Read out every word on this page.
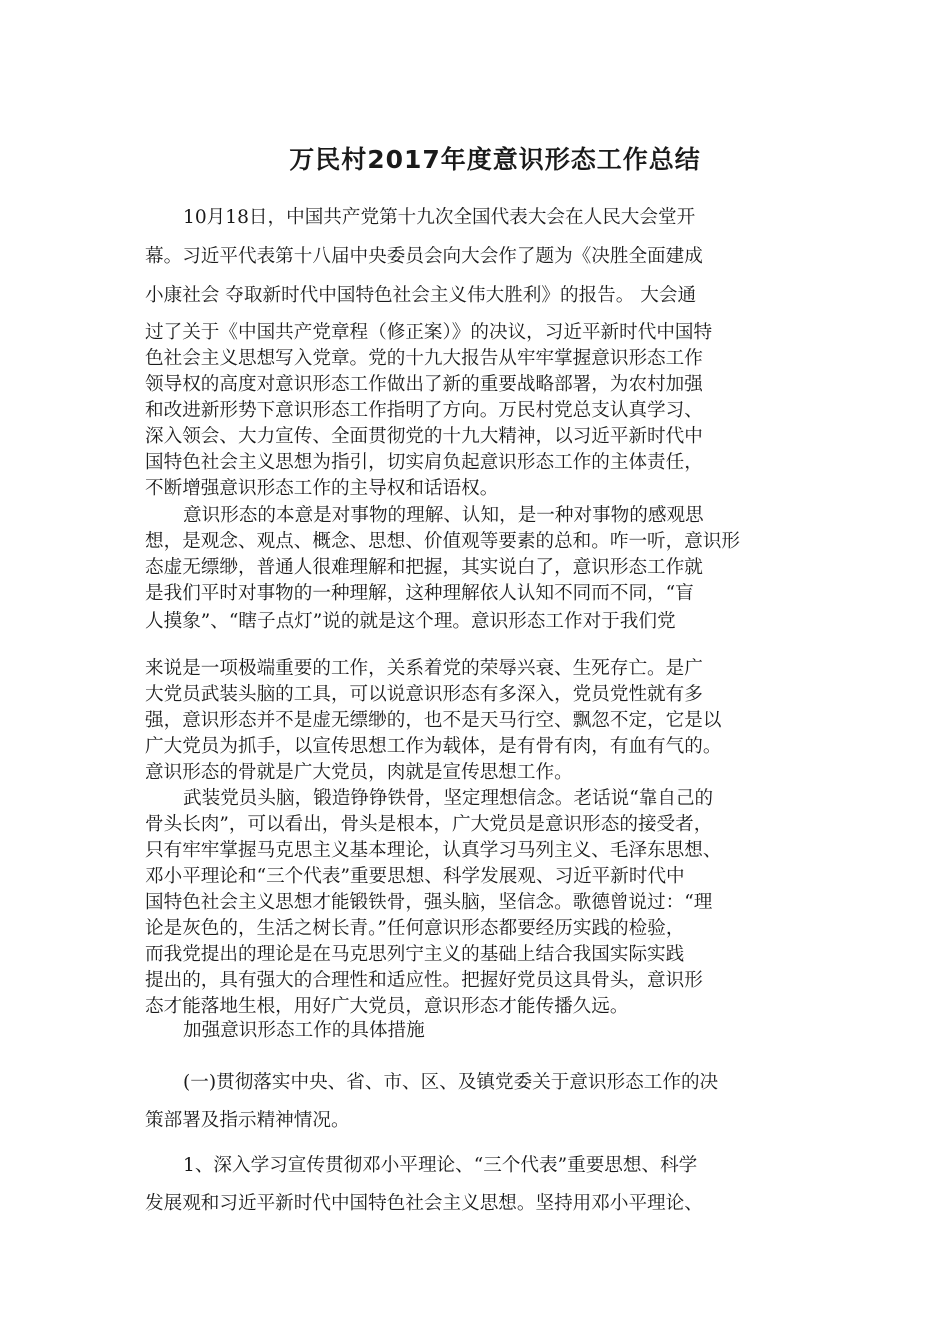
万民村2017年度意识形态工作总结
10月18日，中国共产党第十九次全国代表大会在人民大会堂开
幕。习近平代表第十八届中央委员会向大会作了题为《决胜全面建成
小康社会 夺取新时代中国特色社会主义伟大胜利》的报告。 大会通
过了关于《中国共产党章程（修正案）》的决议，习近平新时代中国特
色社会主义思想写入党章。党的十九大报告从牢牢掌握意识形态工作
领导权的高度对意识形态工作做出了新的重要战略部署，为农村加强
和改进新形势下意识形态工作指明了方向。万民村党总支认真学习、
深入领会、大力宣传、全面贯彻党的十九大精神，以习近平新时代中
国特色社会主义思想为指引，切实肩负起意识形态工作的主体责任，
不断增强意识形态工作的主导权和话语权。
意识形态的本意是对事物的理解、认知，是一种对事物的感观思
想，是观念、观点、概念、思想、价值观等要素的总和。咋一听，意识形
态虚无缥缈，普通人很难理解和把握，其实说白了，意识形态工作就
是我们平时对事物的一种理解，这种理解依人认知不同而不同，“盲
人摸象”、“瞎子点灯”说的就是这个理。意识形态工作对于我们党
来说是一项极端重要的工作，关系着党的荣辱兴衰、生死存亡。是广
大党员武装头脑的工具，可以说意识形态有多深入，党员党性就有多
强，意识形态并不是虚无缥缈的，也不是天马行空、飘忽不定，它是以
广大党员为抓手，以宣传思想工作为载体，是有骨有肉，有血有气的。
意识形态的骨就是广大党员，肉就是宣传思想工作。
武装党员头脑，锻造铮铮铁骨，坚定理想信念。老话说“靠自己的
骨头长肉”，可以看出，骨头是根本，广大党员是意识形态的接受者，
只有牢牢掌握马克思主义基本理论，认真学习马列主义、毛泽东思想、
邓小平理论和“三个代表”重要思想、科学发展观、习近平新时代中
国特色社会主义思想才能锻铁骨，强头脑，坚信念。歌德曾说过：“理
论是灰色的，生活之树长青。”任何意识形态都要经历实践的检验，
而我党提出的理论是在马克思列宁主义的基础上结合我国实际实践
提出的，具有强大的合理性和适应性。把握好党员这具骨头，意识形
态才能落地生根，用好广大党员，意识形态才能传播久远。
加强意识形态工作的具体措施
(一)贯彻落实中央、省、市、区、及镇党委关于意识形态工作的决
策部署及指示精神情况。
1、深入学习宣传贯彻邓小平理论、“三个代表”重要思想、科学
发展观和习近平新时代中国特色社会主义思想。坚持用邓小平理论、
